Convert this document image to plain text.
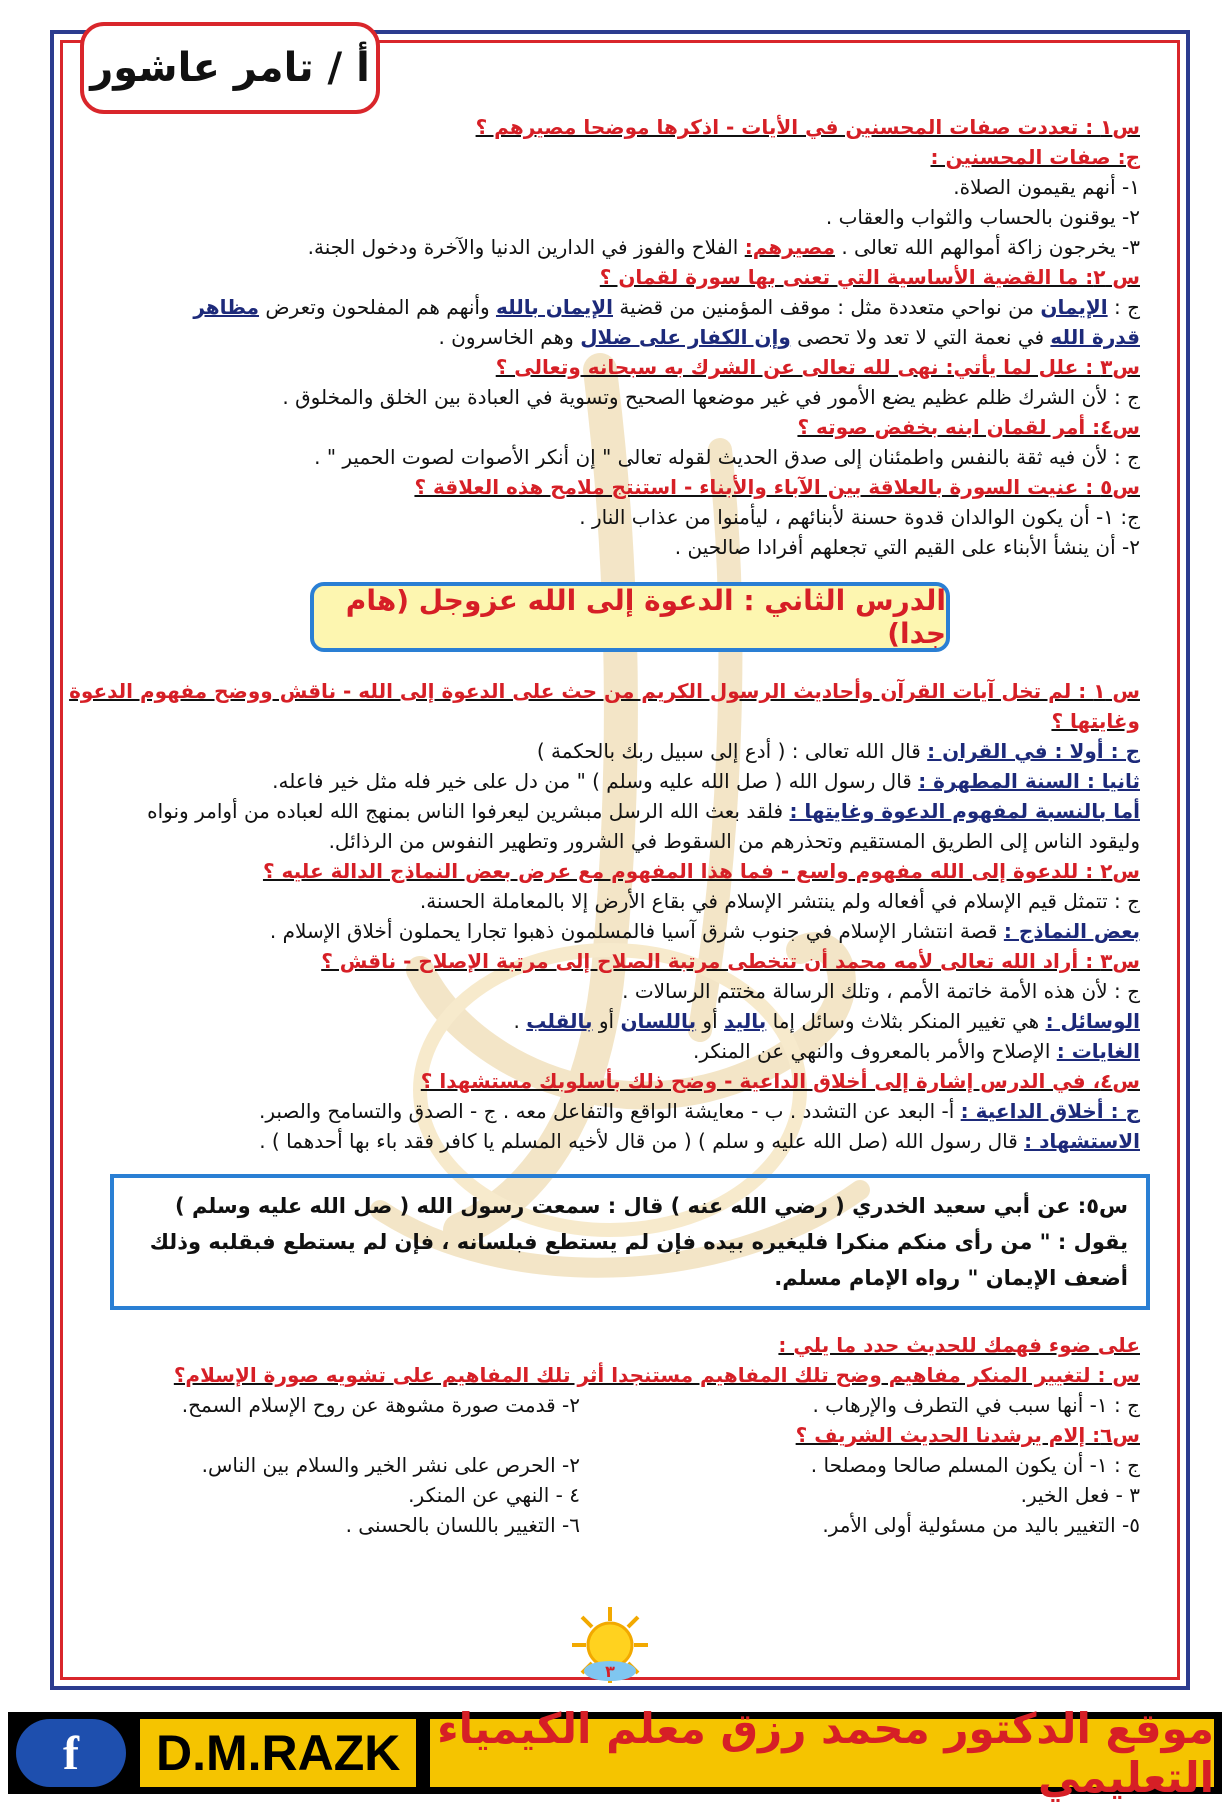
أ / تامر عاشور
س١ : تعددت صفات المحسنين في الأيات - اذكرها موضحا مصيرهم ؟
ج: صفات المحسنين :
١- أنهم يقيمون الصلاة.
٢- يوقنون بالحساب والثواب والعقاب .
٣- يخرجون زاكة أموالهم الله تعالى . مصيرهم: الفلاح والفوز في الدارين الدنيا والآخرة ودخول الجنة.
س ٢: ما القضية الأساسية التي تعنى بها سورة لقمان ؟
ج : الإيمان من نواحي متعددة مثل : موقف المؤمنين من قضية الإيمان بالله وأنهم هم المفلحون وتعرض مظاهر
قدرة الله في نعمة التي لا تعد ولا تحصى وإن الكفار على ضلال وهم الخاسرون .
س٣ : علل لما يأتي: نهى لله تعالى عن الشرك به سبحانه وتعالى ؟
ج : لأن الشرك ظلم عظيم يضع الأمور في غير موضعها الصحيح وتسوية في العبادة بين الخلق والمخلوق .
س٤: أمر لقمان ابنه بخفض صوته ؟
ج : لأن فيه ثقة بالنفس واطمئنان إلى صدق الحديث لقوله تعالى " إن أنكر الأصوات لصوت الحمير " .
س٥ : عنيت السورة بالعلاقة بين الآباء والأبناء - استنتج ملامح هذه العلاقة ؟
ج: ١- أن يكون الوالدان قدوة حسنة لأبنائهم ، ليأمنوا من عذاب النار .
٢- أن ينشأ الأبناء على القيم التي تجعلهم أفرادا صالحين .
الدرس الثاني : الدعوة إلى الله عزوجل (هام جدا)
س ١ : لم تخل آيات القرآن وأحاديث الرسول الكريم من حث على الدعوة إلى الله - ناقش ووضح مفهوم الدعوة
وغايتها ؟
ج : أولا : في القران : قال الله تعالى : ( أدع إلى سبيل ربك بالحكمة )
ثانيا : السنة المطهرة : قال رسول الله ( صل الله عليه وسلم ) " من دل على خير فله مثل خير فاعله.
أما بالنسبة لمفهوم الدعوة وغايتها : فلقد بعث الله الرسل مبشرين ليعرفوا الناس بمنهج الله لعباده من أوامر ونواه
وليقود الناس إلى الطريق المستقيم وتحذرهم من السقوط في الشرور وتطهير النفوس من الرذائل.
س٢ : للدعوة إلى الله مفهوم واسع - فما هذا المفهوم مع عرض بعض النماذج الدالة عليه ؟
ج : تتمثل قيم الإسلام في أفعاله ولم ينتشر الإسلام في بقاع الأرض إلا بالمعاملة الحسنة.
بعض النماذج : قصة انتشار الإسلام في جنوب شرق آسيا فالمسلمون ذهبوا تجارا يحملون أخلاق الإسلام .
س٣ : أراد الله تعالى لأمه محمد أن تتخطى مرتبة الصلاح إلى مرتبة الإصلاح - ناقش ؟
ج : لأن هذه الأمة خاتمة الأمم ، وتلك الرسالة مختتم الرسالات .
الوسائل : هي تغيير المنكر بثلاث وسائل إما باليد أو باللسان أو بالقلب .
الغايات : الإصلاح والأمر بالمعروف والنهي عن المنكر.
س٤، في الدرس إشارة إلى أخلاق الداعية - وضح ذلك بأسلوبك مستشهدا ؟
ج : أخلاق الداعية : أ- البعد عن التشدد . ب - معايشة الواقع والتفاعل معه . ج - الصدق والتسامح والصبر.
الاستشهاد : قال رسول الله (صل الله عليه و سلم ) ( من قال لأخيه المسلم يا كافر فقد باء بها أحدهما ) .
س٥: عن أبي سعيد الخدري ( رضي الله عنه ) قال : سمعت رسول الله ( صل الله عليه وسلم ) يقول : " من رأى منكم منكرا فليغيره بيده فإن لم يستطع فبلسانه ، فإن لم يستطع فبقلبه وذلك أضعف الإيمان " رواه الإمام مسلم.
على ضوء فهمك للحديث حدد ما يلي :
س : لتغيير المنكر مفاهيم وضح تلك المفاهيم مستنجدا أثر تلك المفاهيم على تشويه صورة الإسلام؟
ج : ١- أنها سبب في التطرف والإرهاب .
٢- قدمت صورة مشوهة عن روح الإسلام السمح.
س٦: إلام يرشدنا الحديث الشريف ؟
ج : ١- أن يكون المسلم صالحا ومصلحا .
٢- الحرص على نشر الخير والسلام بين الناس.
٣ - فعل الخير.
٤ - النهي عن المنكر.
٥- التغيير باليد من مسئولية أولى الأمر.
٦- التغيير باللسان بالحسنى .
٣
f	D.M.RAZK موقع الدكتور محمد رزق معلم الكيمياء التعليمي
